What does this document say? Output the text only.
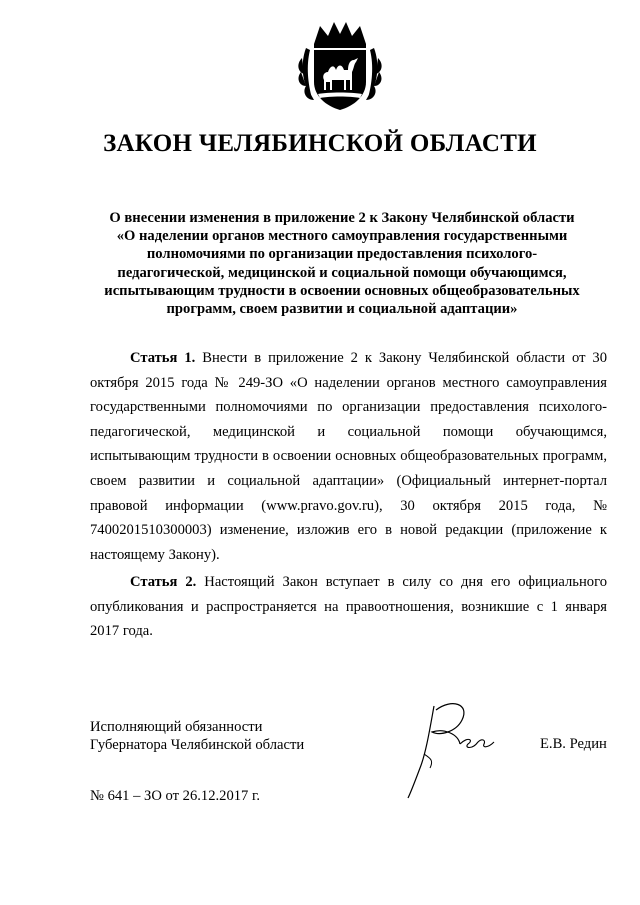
ЗАКОН ЧЕЛЯБИНСКОЙ ОБЛАСТИ

О внесении изменения в приложение 2 к Закону Челябинской области «О наделении органов местного самоуправления государственными полномочиями по организации предоставления психолого-педагогической, медицинской и социальной помощи обучающимся, испытывающим трудности в освоении основных общеобразовательных программ, своем развитии и социальной адаптации»

Статья 1. Внести в приложение 2 к Закону Челябинской области от 30 октября 2015 года № 249-ЗО «О наделении органов местного самоуправления государственными полномочиями по организации предоставления психолого-педагогической, медицинской и социальной помощи обучающимся, испытывающим трудности в освоении основных общеобразовательных программ, своем развитии и социальной адаптации» (Официальный интернет-портал правовой информации (www.pravo.gov.ru), 30 октября 2015 года, № 7400201510300003) изменение, изложив его в новой редакции (приложение к настоящему Закону).

Статья 2. Настоящий Закон вступает в силу со дня его официального опубликования и распространяется на правоотношения, возникшие с 1 января 2017 года.

Исполняющий обязанности
Губернатора Челябинской области	Е.В. Редин
№ 641 – ЗО от 26.12.2017 г.
